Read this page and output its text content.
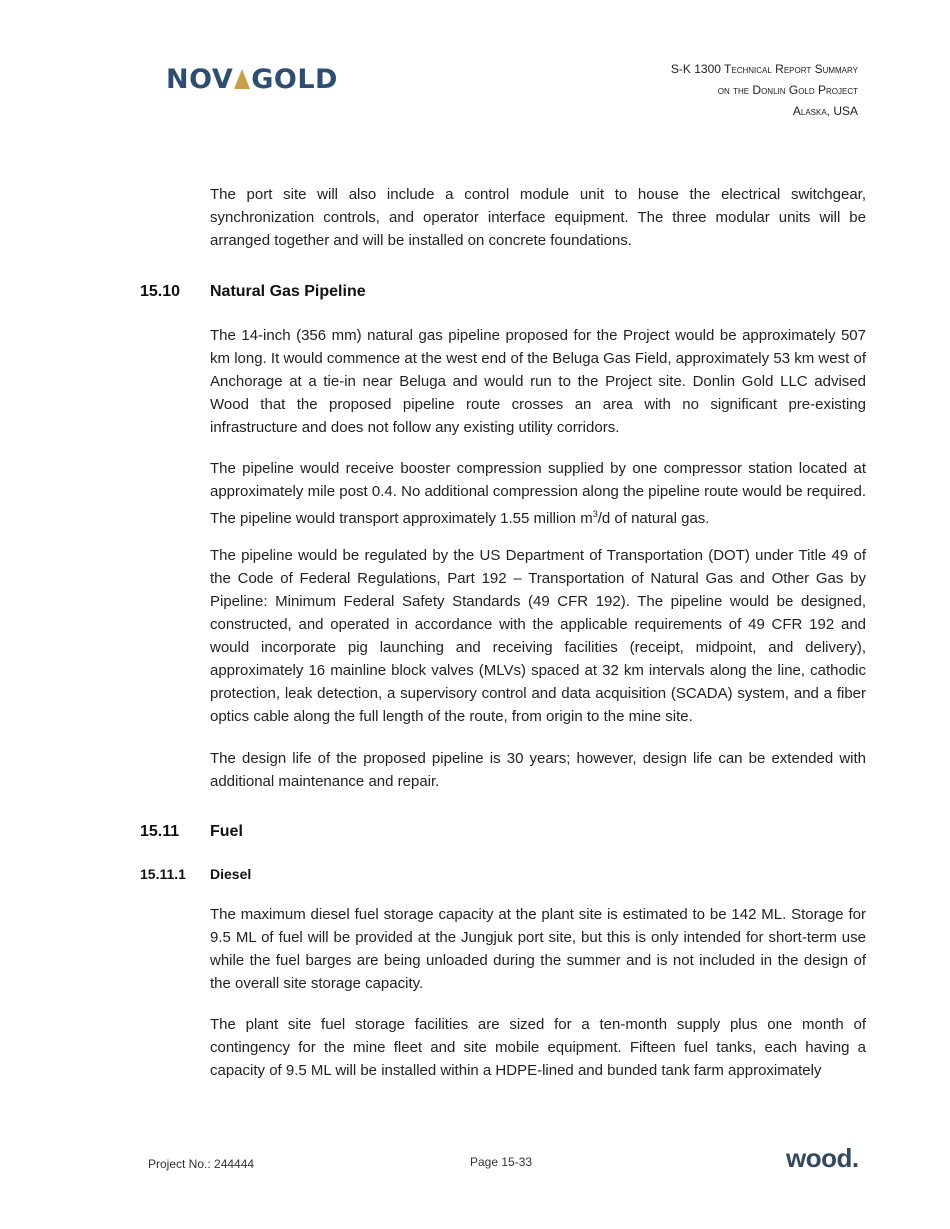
NOV GOLD	S-K 1300 Technical Report Summary
on the Donlin Gold Project
Alaska, USA
The port site will also include a control module unit to house the electrical switchgear, synchronization controls, and operator interface equipment. The three modular units will be arranged together and will be installed on concrete foundations.
15.10 Natural Gas Pipeline
The 14-inch (356 mm) natural gas pipeline proposed for the Project would be approximately 507 km long. It would commence at the west end of the Beluga Gas Field, approximately 53 km west of Anchorage at a tie-in near Beluga and would run to the Project site. Donlin Gold LLC advised Wood that the proposed pipeline route crosses an area with no significant pre-existing infrastructure and does not follow any existing utility corridors.
The pipeline would receive booster compression supplied by one compressor station located at approximately mile post 0.4. No additional compression along the pipeline route would be required. The pipeline would transport approximately 1.55 million $m^3/d$ of natural gas.
The pipeline would be regulated by the US Department of Transportation (DOT) under Title 49 of the Code of Federal Regulations, Part 192 – Transportation of Natural Gas and Other Gas by Pipeline: Minimum Federal Safety Standards (49 CFR 192). The pipeline would be designed, constructed, and operated in accordance with the applicable requirements of 49 CFR 192 and would incorporate pig launching and receiving facilities (receipt, midpoint, and delivery), approximately 16 mainline block valves (MLVs) spaced at 32 km intervals along the line, cathodic protection, leak detection, a supervisory control and data acquisition (SCADA) system, and a fiber optics cable along the full length of the route, from origin to the mine site.
The design life of the proposed pipeline is 30 years; however, design life can be extended with additional maintenance and repair.
15.11 Fuel
15.11.1 Diesel
The maximum diesel fuel storage capacity at the plant site is estimated to be 142 ML. Storage for 9.5 ML of fuel will be provided at the Jungjuk port site, but this is only intended for short-term use while the fuel barges are being unloaded during the summer and is not included in the design of the overall site storage capacity.
The plant site fuel storage facilities are sized for a ten-month supply plus one month of contingency for the mine fleet and site mobile equipment. Fifteen fuel tanks, each having a capacity of 9.5 ML will be installed within a HDPE-lined and bunded tank farm approximately
Project No.: 244444	Page 15-33	wood.
